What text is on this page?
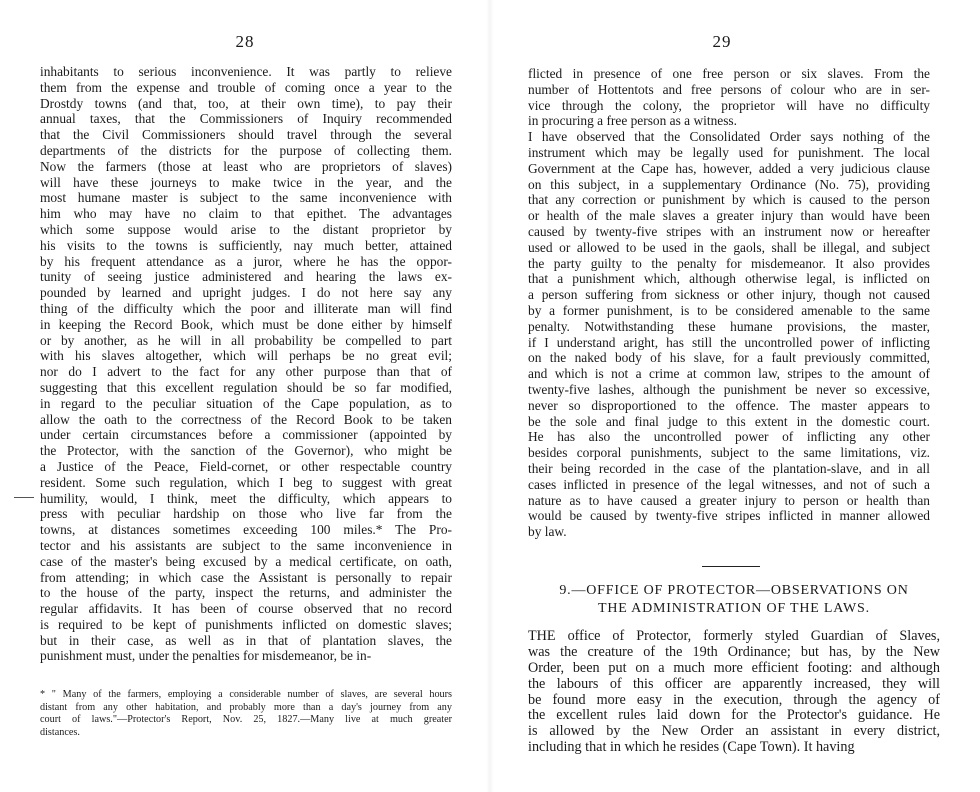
28
inhabitants to serious inconvenience. It was partly to relieve
them from the expense and trouble of coming once a year to the
Drostdy towns (and that, too, at their own time), to pay their
annual taxes, that the Commissioners of Inquiry recommended
that the Civil Commissioners should travel through the several
departments of the districts for the purpose of collecting them.
Now the farmers (those at least who are proprietors of slaves)
will have these journeys to make twice in the year, and the
most humane master is subject to the same inconvenience with
him who may have no claim to that epithet. The advantages
which some suppose would arise to the distant proprietor by
his visits to the towns is sufficiently, nay much better, attained
by his frequent attendance as a juror, where he has the oppor-
tunity of seeing justice administered and hearing the laws ex-
pounded by learned and upright judges. I do not here say any
thing of the difficulty which the poor and illiterate man will find
in keeping the Record Book, which must be done either by himself
or by another, as he will in all probability be compelled to part
with his slaves altogether, which will perhaps be no great evil;
nor do I advert to the fact for any other purpose than that of
suggesting that this excellent regulation should be so far modified,
in regard to the peculiar situation of the Cape population, as to
allow the oath to the correctness of the Record Book to be taken
under certain circumstances before a commissioner (appointed by
the Protector, with the sanction of the Governor), who might be
a Justice of the Peace, Field-cornet, or other respectable country
resident. Some such regulation, which I beg to suggest with great
humility, would, I think, meet the difficulty, which appears to
press with peculiar hardship on those who live far from the
towns, at distances sometimes exceeding 100 miles.* The Pro-
tector and his assistants are subject to the same inconvenience in
case of the master's being excused by a medical certificate, on oath,
from attending; in which case the Assistant is personally to repair
to the house of the party, inspect the returns, and administer the
regular affidavits. It has been of course observed that no record
is required to be kept of punishments inflicted on domestic slaves;
but in their case, as well as in that of plantation slaves, the
punishment must, under the penalties for misdemeanor, be in-
* " Many of the farmers, employing a considerable number of slaves, are several hours
distant from any other habitation, and probably more than a day's journey from any
court of laws."—Protector's Report, Nov. 25, 1827.—Many live at much greater
distances.
29
flicted in presence of one free person or six slaves. From the
number of Hottentots and free persons of colour who are in ser-
vice through the colony, the proprietor will have no difficulty
in procuring a free person as a witness.
I have observed that the Consolidated Order says nothing of the
instrument which may be legally used for punishment. The local
Government at the Cape has, however, added a very judicious clause
on this subject, in a supplementary Ordinance (No. 75), providing
that any correction or punishment by which is caused to the person
or health of the male slaves a greater injury than would have been
caused by twenty-five stripes with an instrument now or hereafter
used or allowed to be used in the gaols, shall be illegal, and subject
the party guilty to the penalty for misdemeanor. It also provides
that a punishment which, although otherwise legal, is inflicted on
a person suffering from sickness or other injury, though not caused
by a former punishment, is to be considered amenable to the same
penalty. Notwithstanding these humane provisions, the master,
if I understand aright, has still the uncontrolled power of inflicting
on the naked body of his slave, for a fault previously committed,
and which is not a crime at common law, stripes to the amount of
twenty-five lashes, although the punishment be never so excessive,
never so disproportioned to the offence. The master appears to
be the sole and final judge to this extent in the domestic court.
He has also the uncontrolled power of inflicting any other
besides corporal punishments, subject to the same limitations, viz.
their being recorded in the case of the plantation-slave, and in all
cases inflicted in presence of the legal witnesses, and not of such a
nature as to have caused a greater injury to person or health than
would be caused by twenty-five stripes inflicted in manner allowed
by law.
9.—OFFICE OF PROTECTOR—OBSERVATIONS ON
THE ADMINISTRATION OF THE LAWS.
THE office of Protector, formerly styled Guardian of Slaves,
was the creature of the 19th Ordinance; but has, by the New
Order, been put on a much more efficient footing: and although
the labours of this officer are apparently increased, they will
be found more easy in the execution, through the agency of
the excellent rules laid down for the Protector's guidance. He
is allowed by the New Order an assistant in every district,
including that in which he resides (Cape Town). It having
